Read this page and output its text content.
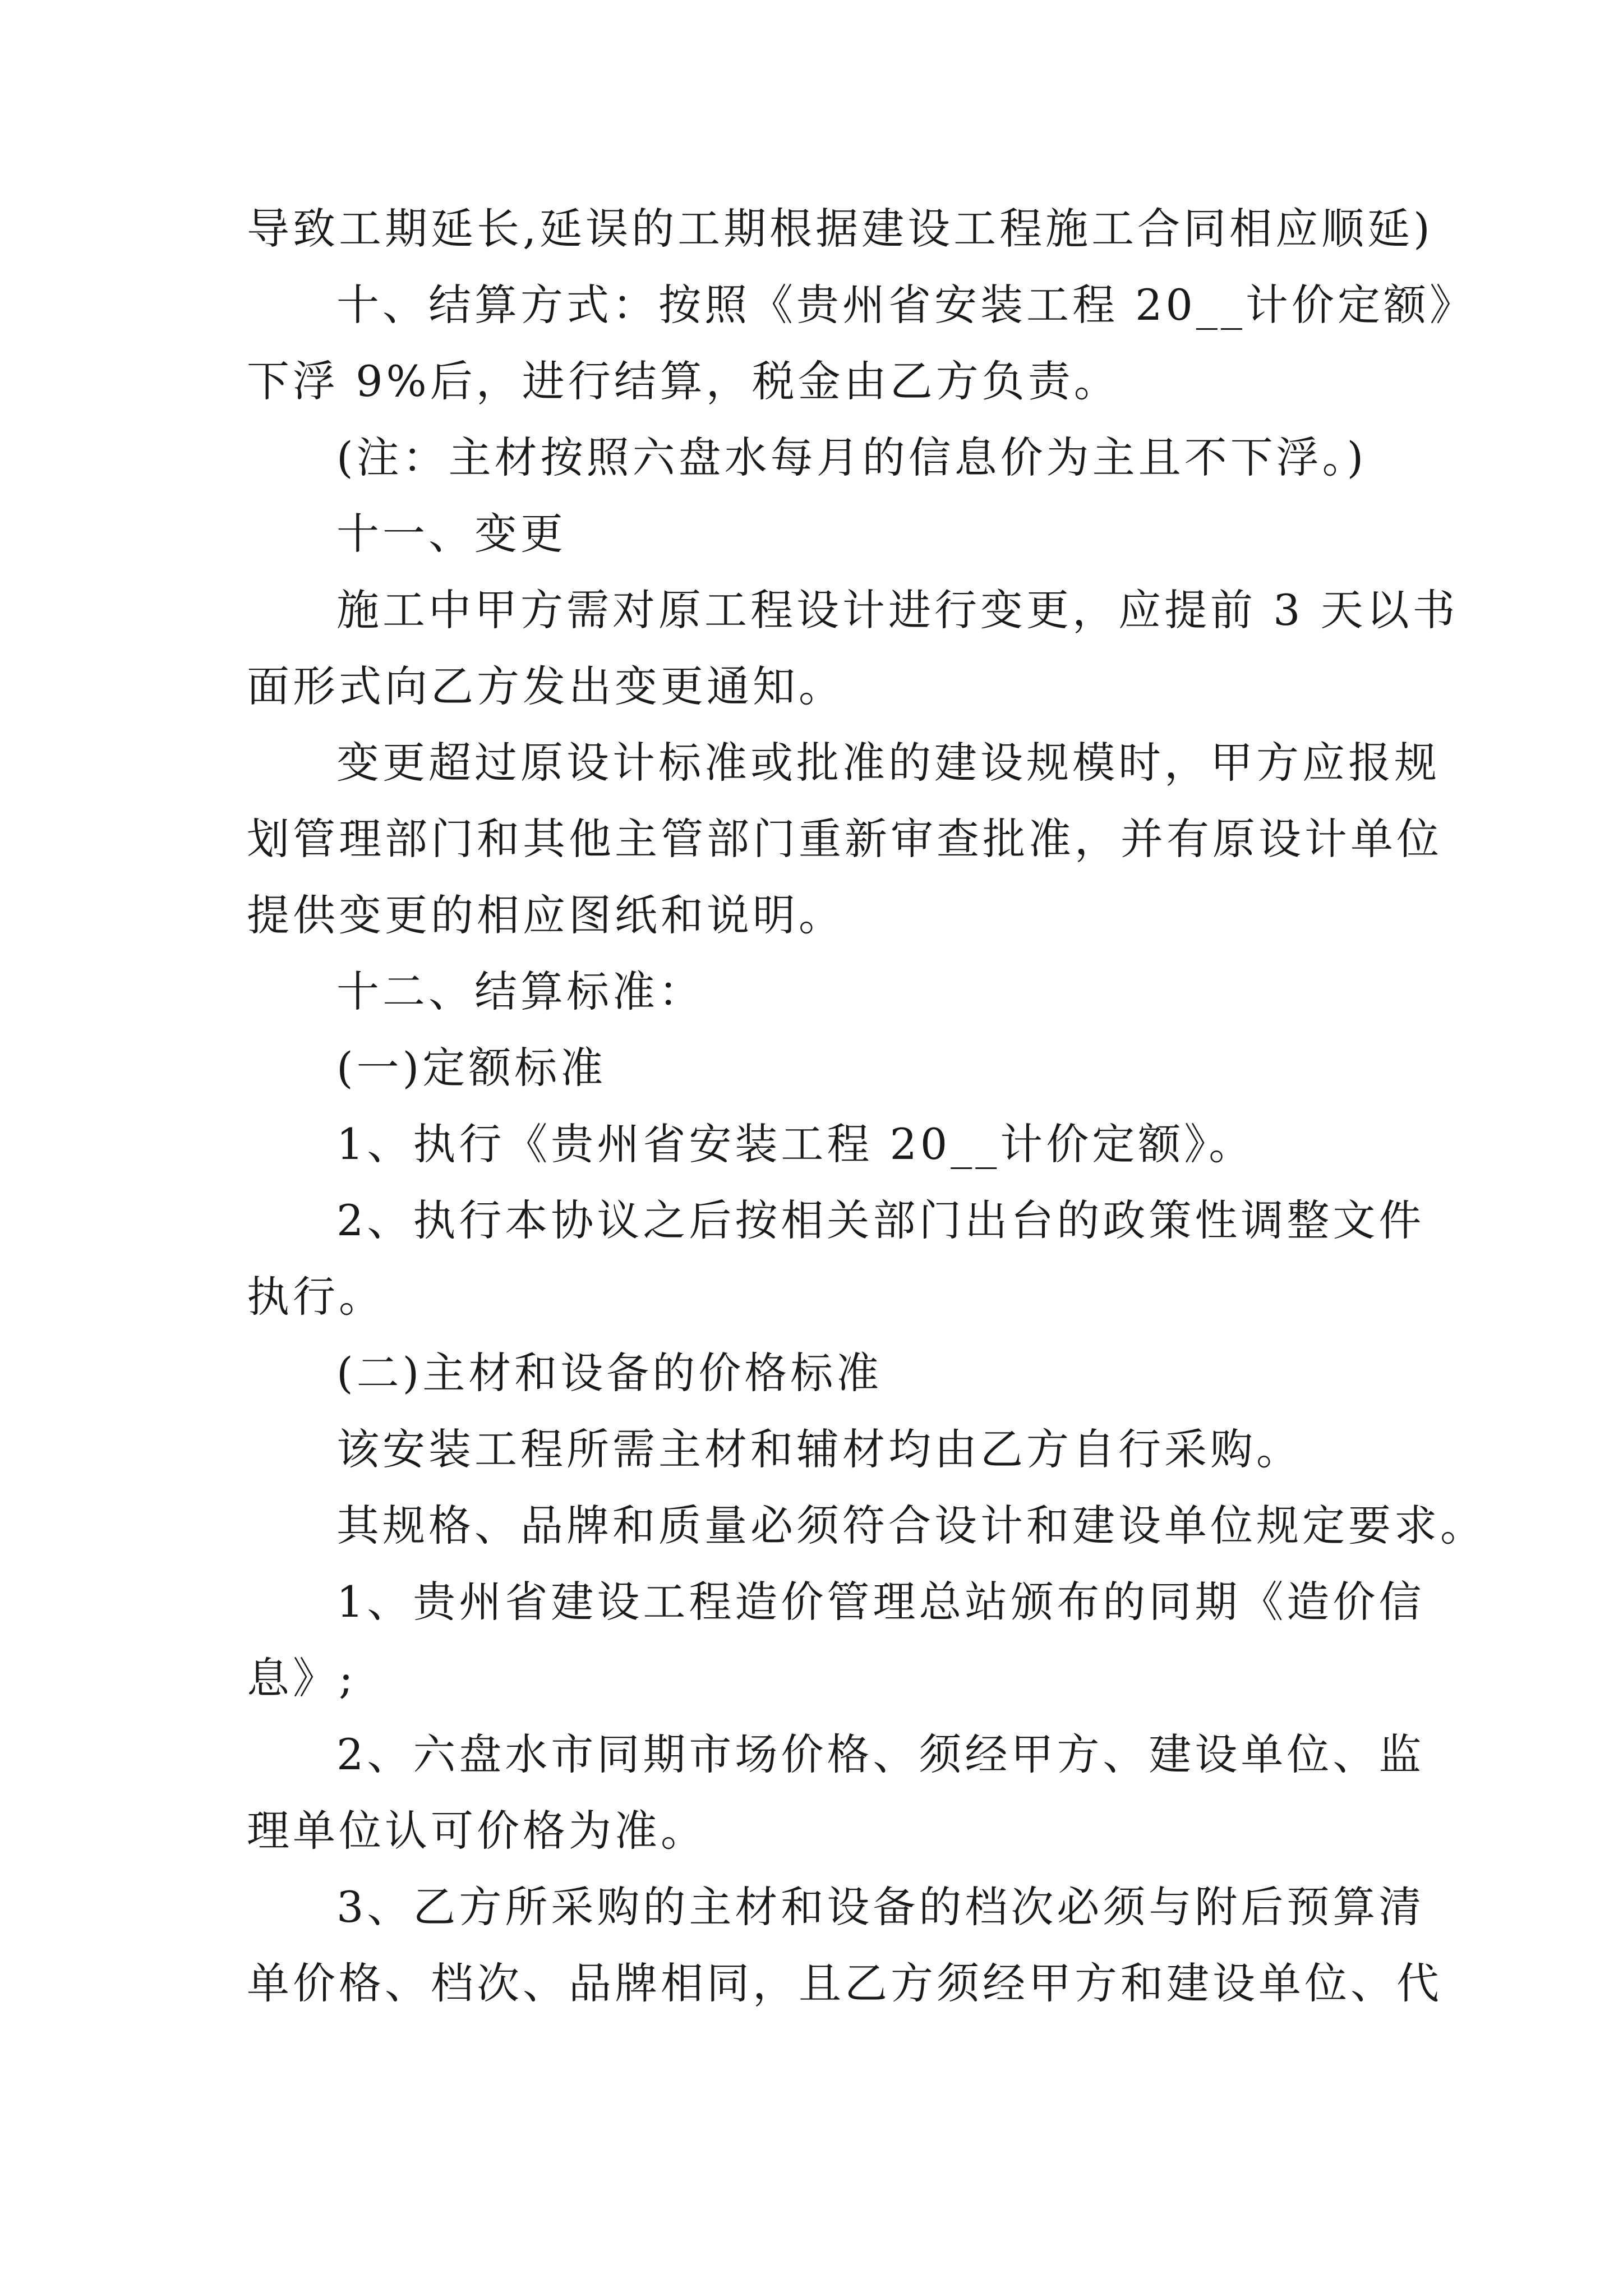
导致工期延长,延误的工期根据建设工程施工合同相应顺延)
十、结算方式：按照《贵州省安装工程 20__计价定额》
下浮 9%后，进行结算，税金由乙方负责。
(注：主材按照六盘水每月的信息价为主且不下浮。)
十一、变更
施工中甲方需对原工程设计进行变更，应提前 3 天以书
面形式向乙方发出变更通知。
变更超过原设计标准或批准的建设规模时，甲方应报规
划管理部门和其他主管部门重新审查批准，并有原设计单位
提供变更的相应图纸和说明。
十二、结算标准：
(一)定额标准
1、执行《贵州省安装工程 20__计价定额》。
2、执行本协议之后按相关部门出台的政策性调整文件
执行。
(二)主材和设备的价格标准
该安装工程所需主材和辅材均由乙方自行采购。
其规格、品牌和质量必须符合设计和建设单位规定要求。
1、贵州省建设工程造价管理总站颁布的同期《造价信
息》;
2、六盘水市同期市场价格、须经甲方、建设单位、监
理单位认可价格为准。
3、乙方所采购的主材和设备的档次必须与附后预算清
单价格、档次、品牌相同，且乙方须经甲方和建设单位、代
